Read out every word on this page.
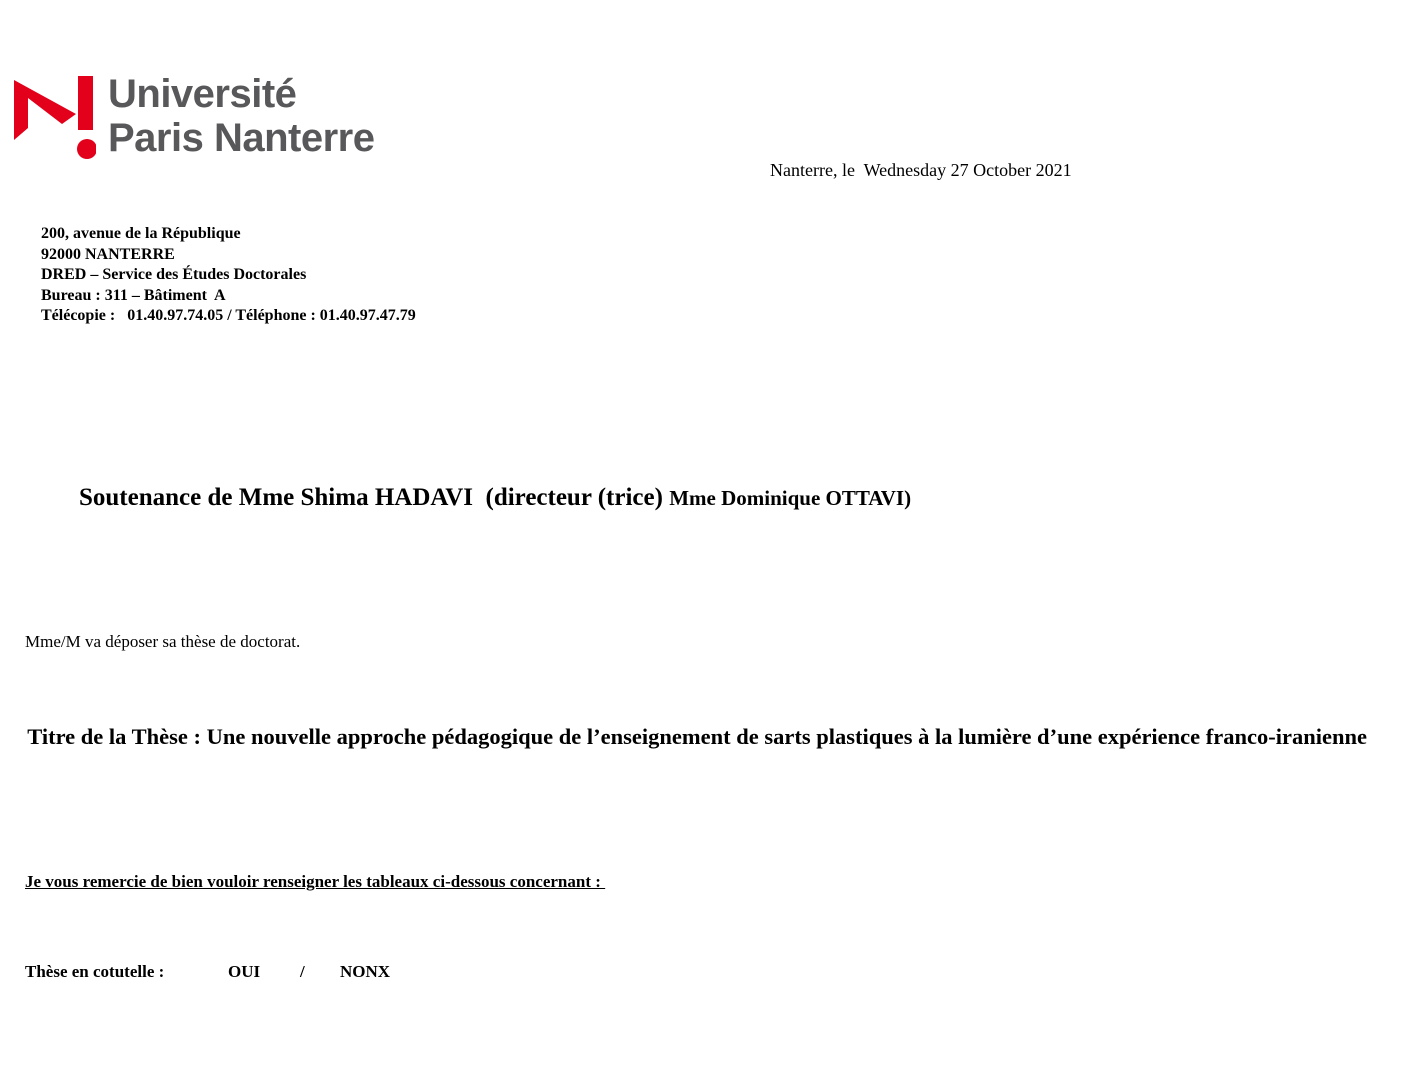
Université
Paris Nanterre
Nanterre, le  Wednesday 27 October 2021
200, avenue de la République
92000 NANTERRE
DRED – Service des Études Doctorales
Bureau : 311 – Bâtiment  A
Télécopie :   01.40.97.74.05 / Téléphone : 01.40.97.47.79
Soutenance de Mme Shima HADAVI  (directeur (trice) Mme Dominique OTTAVI)
Mme/M va déposer sa thèse de doctorat.
Titre de la Thèse : Une nouvelle approche pédagogique de l’enseignement de sarts plastiques à la lumière d’une expérience franco-iranienne
Je vous remercie de bien vouloir renseigner les tableaux ci-dessous concernant :
Thèse en cotutelle :	OUI / NONX
